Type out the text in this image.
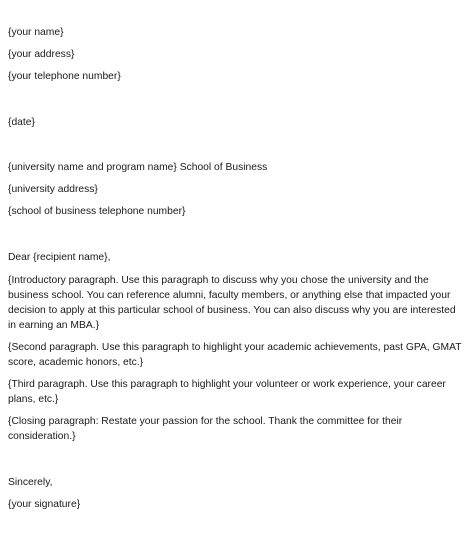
{your name}
{your address}
{your telephone number}
{date}
{university name and program name} School of Business
{university address}
{school of business telephone number}
Dear {recipient name},
{Introductory paragraph. Use this paragraph to discuss why you chose the university and the business school. You can reference alumni, faculty members, or anything else that impacted your decision to apply at this particular school of business. You can also discuss why you are interested in earning an MBA.}
{Second paragraph. Use this paragraph to highlight your academic achievements, past GPA, GMAT score, academic honors, etc.}
{Third paragraph. Use this paragraph to highlight your volunteer or work experience, your career plans, etc.}
{Closing paragraph: Restate your passion for the school. Thank the committee for their consideration.}
Sincerely,
{your signature}
